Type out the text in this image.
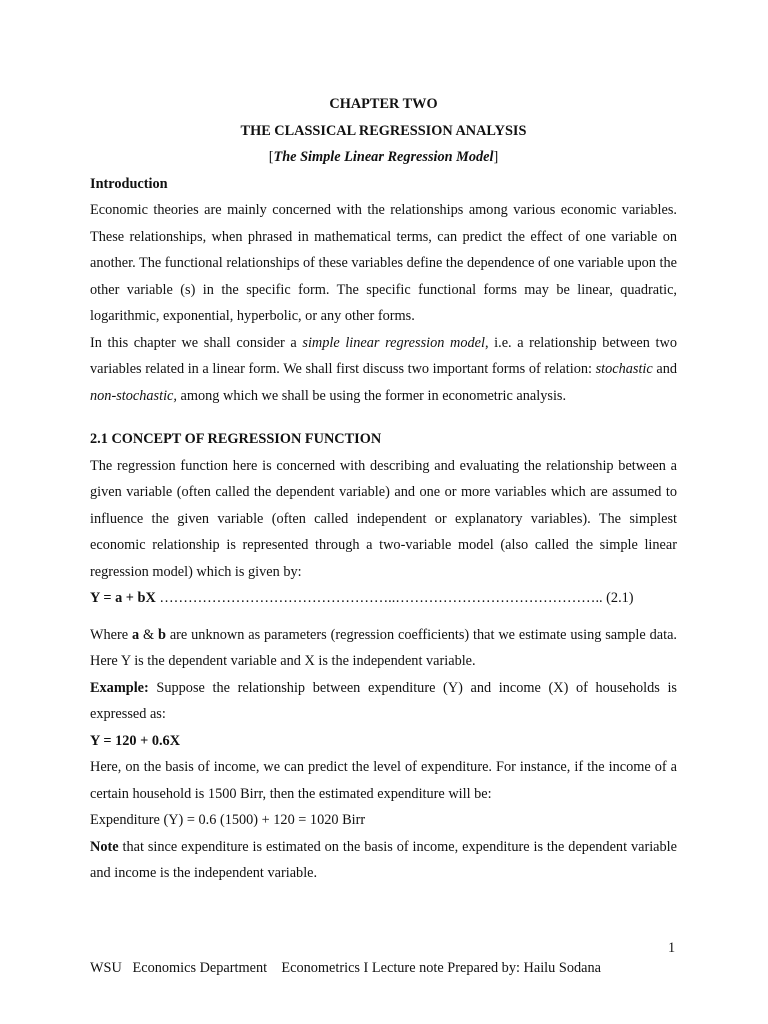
CHAPTER TWO
THE CLASSICAL REGRESSION ANALYSIS
[The Simple Linear Regression Model]
Introduction

Economic theories are mainly concerned with the relationships among various economic variables. These relationships, when phrased in mathematical terms, can predict the effect of one variable on another. The functional relationships of these variables define the dependence of one variable upon the other variable (s) in the specific form. The specific functional forms may be linear, quadratic, logarithmic, exponential, hyperbolic, or any other forms.

In this chapter we shall consider a simple linear regression model, i.e. a relationship between two variables related in a linear form. We shall first discuss two important forms of relation: stochastic and non-stochastic, among which we shall be using the former in econometric analysis.

2.1 CONCEPT OF REGRESSION FUNCTION

The regression function here is concerned with describing and evaluating the relationship between a given variable (often called the dependent variable) and one or more variables which are assumed to influence the given variable (often called independent or explanatory variables). The simplest economic relationship is represented through a two-variable model (also called the simple linear regression model) which is given by:

Y = a + bX …………………………………………..…………………………………….. (2.1)

Where a & b are unknown as parameters (regression coefficients) that we estimate using sample data. Here Y is the dependent variable and X is the independent variable.

Example: Suppose the relationship between expenditure (Y) and income (X) of households is expressed as:

Y = 120 + 0.6X

Here, on the basis of income, we can predict the level of expenditure. For instance, if the income of a certain household is 1500 Birr, then the estimated expenditure will be:

Expenditure (Y) = 0.6 (1500) + 120 = 1020 Birr

Note that since expenditure is estimated on the basis of income, expenditure is the dependent variable and income is the independent variable.

1
WSU   Economics Department    Econometrics I Lecture note Prepared by: Hailu Sodana
